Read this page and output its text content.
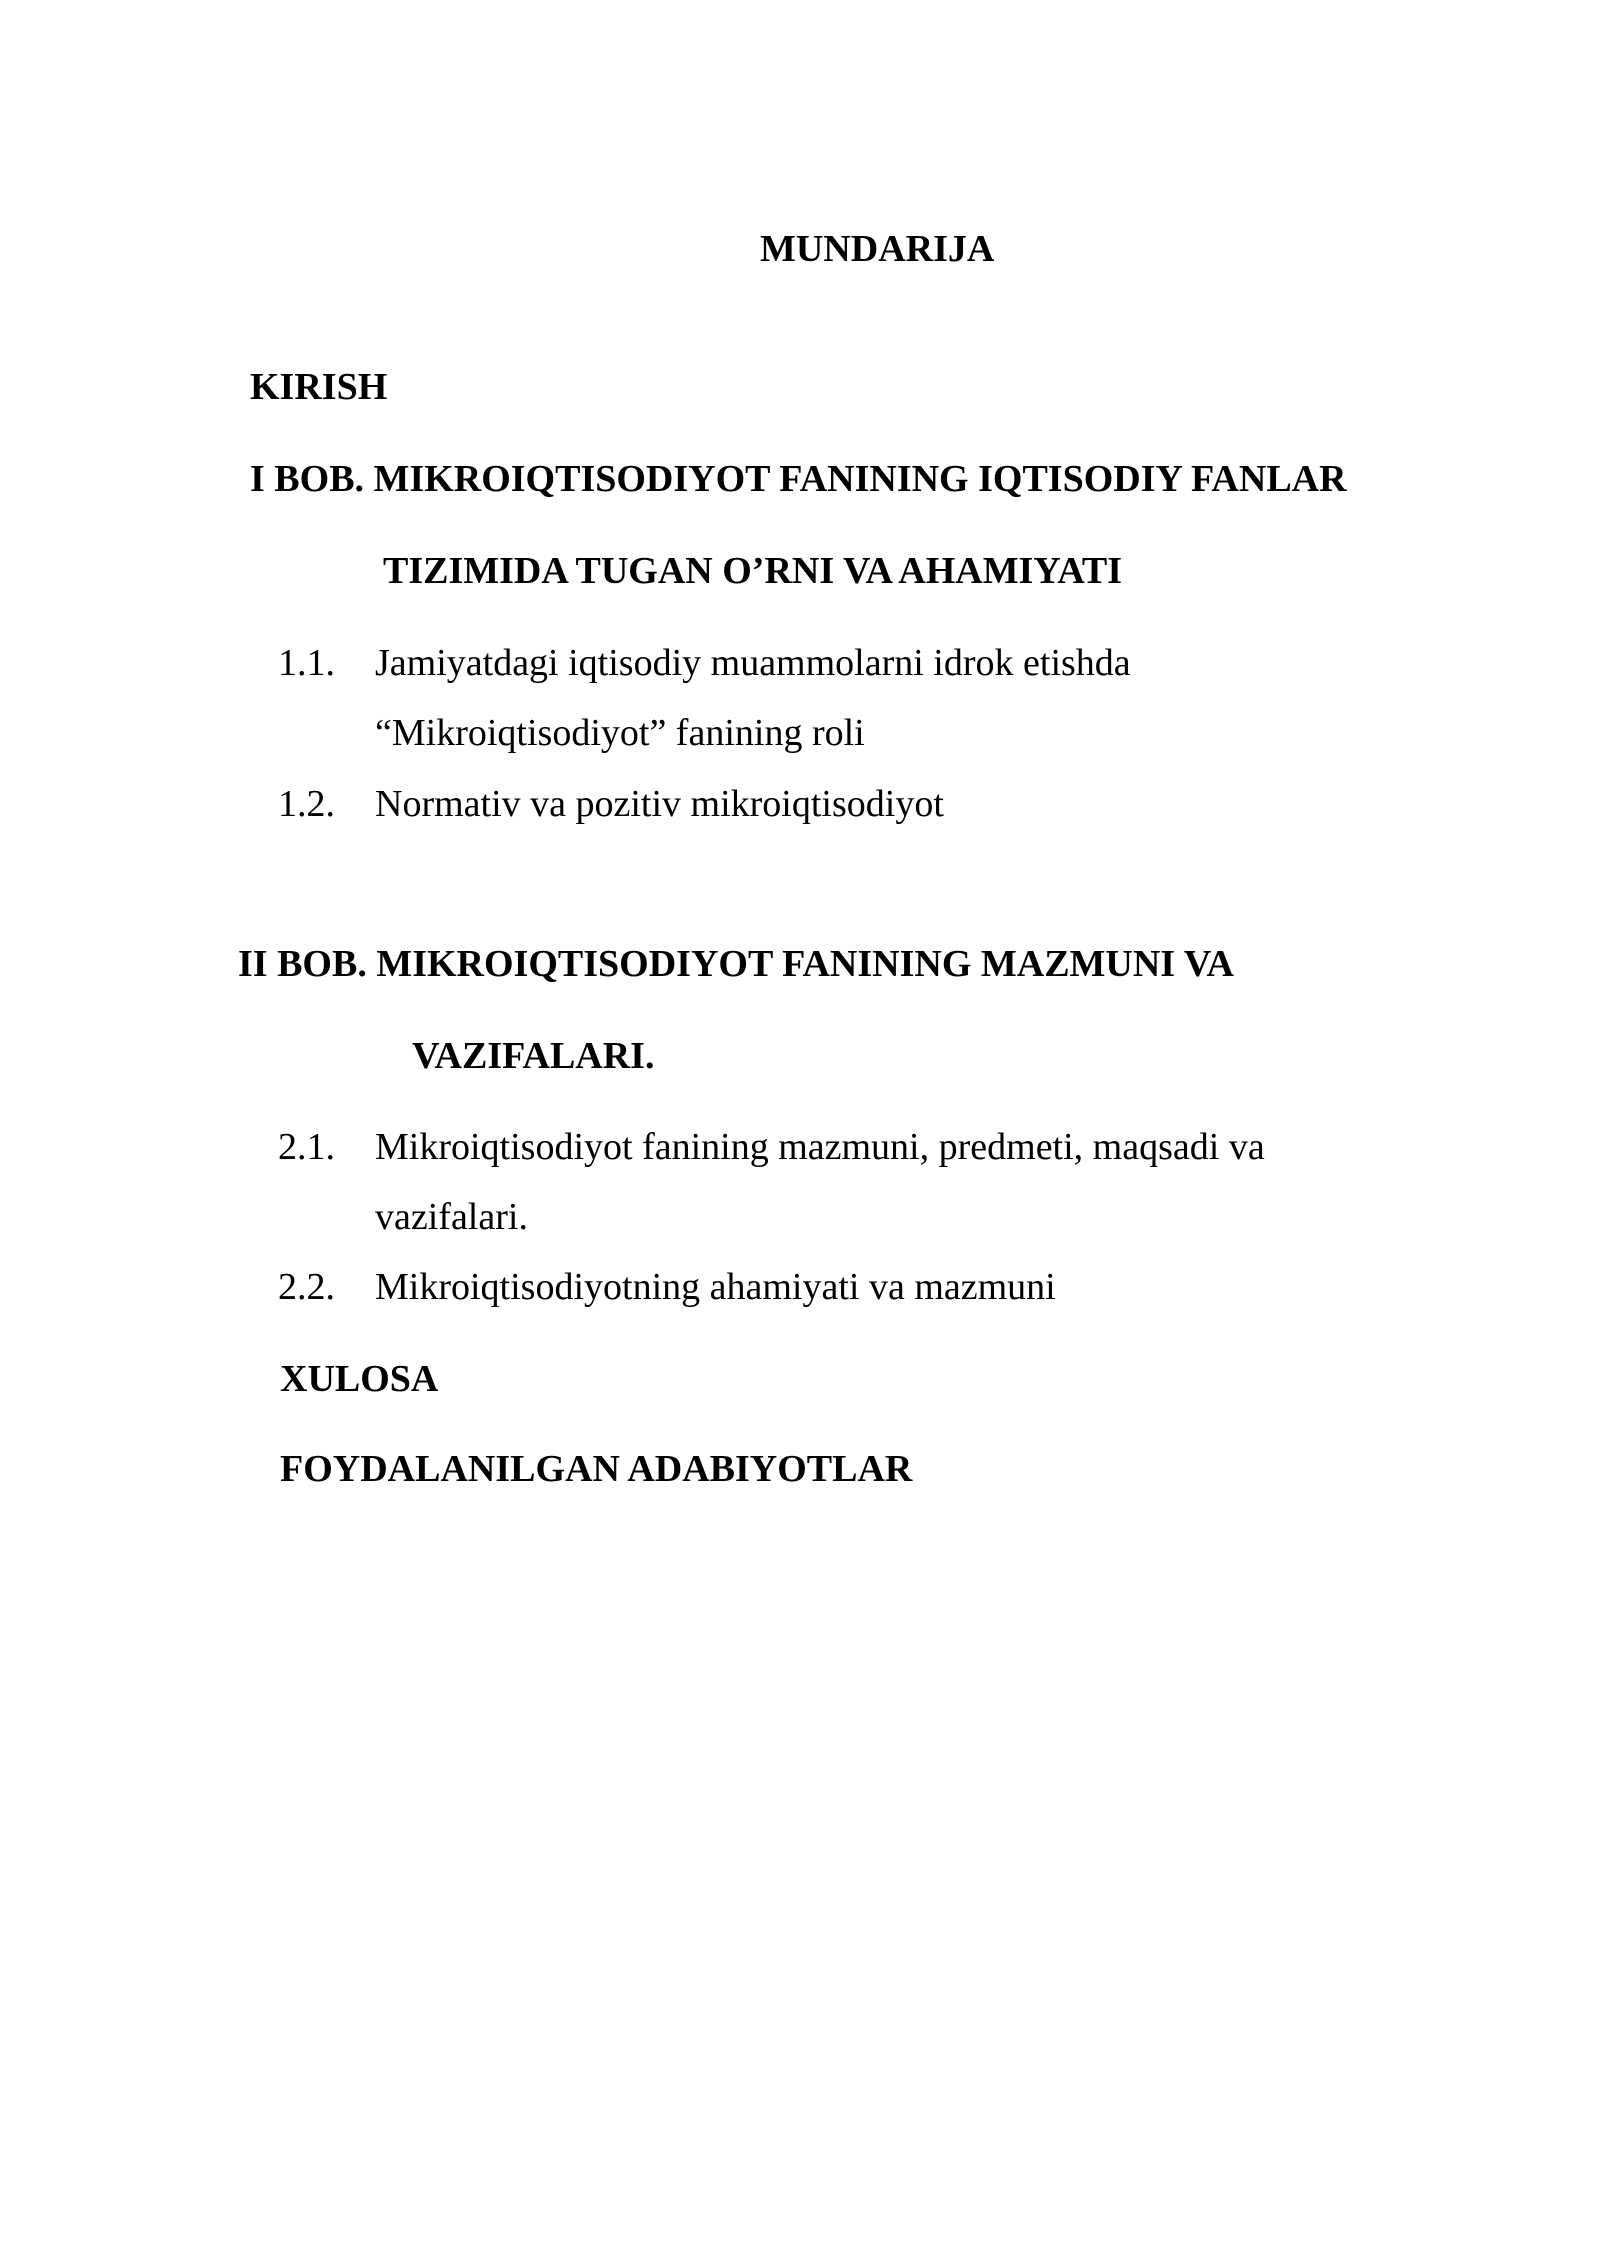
MUNDARIJA
KIRISH
I BOB. MIKROIQTISODIYOT FANINING IQTISODIY FANLAR
TIZIMIDA TUGAN O’RNI VA AHAMIYATI
1.1. Jamiyatdagi iqtisodiy muammolarni idrok etishda
“Mikroiqtisodiyot” fanining roli
1.2. Normativ va pozitiv mikroiqtisodiyot
II BOB. MIKROIQTISODIYOT FANINING MAZMUNI VA
VAZIFALARI.
2.1. Mikroiqtisodiyot fanining mazmuni, predmeti, maqsadi va
vazifalari.
2.2. Mikroiqtisodiyotning ahamiyati va mazmuni
XULOSA
FOYDALANILGAN ADABIYOTLAR
